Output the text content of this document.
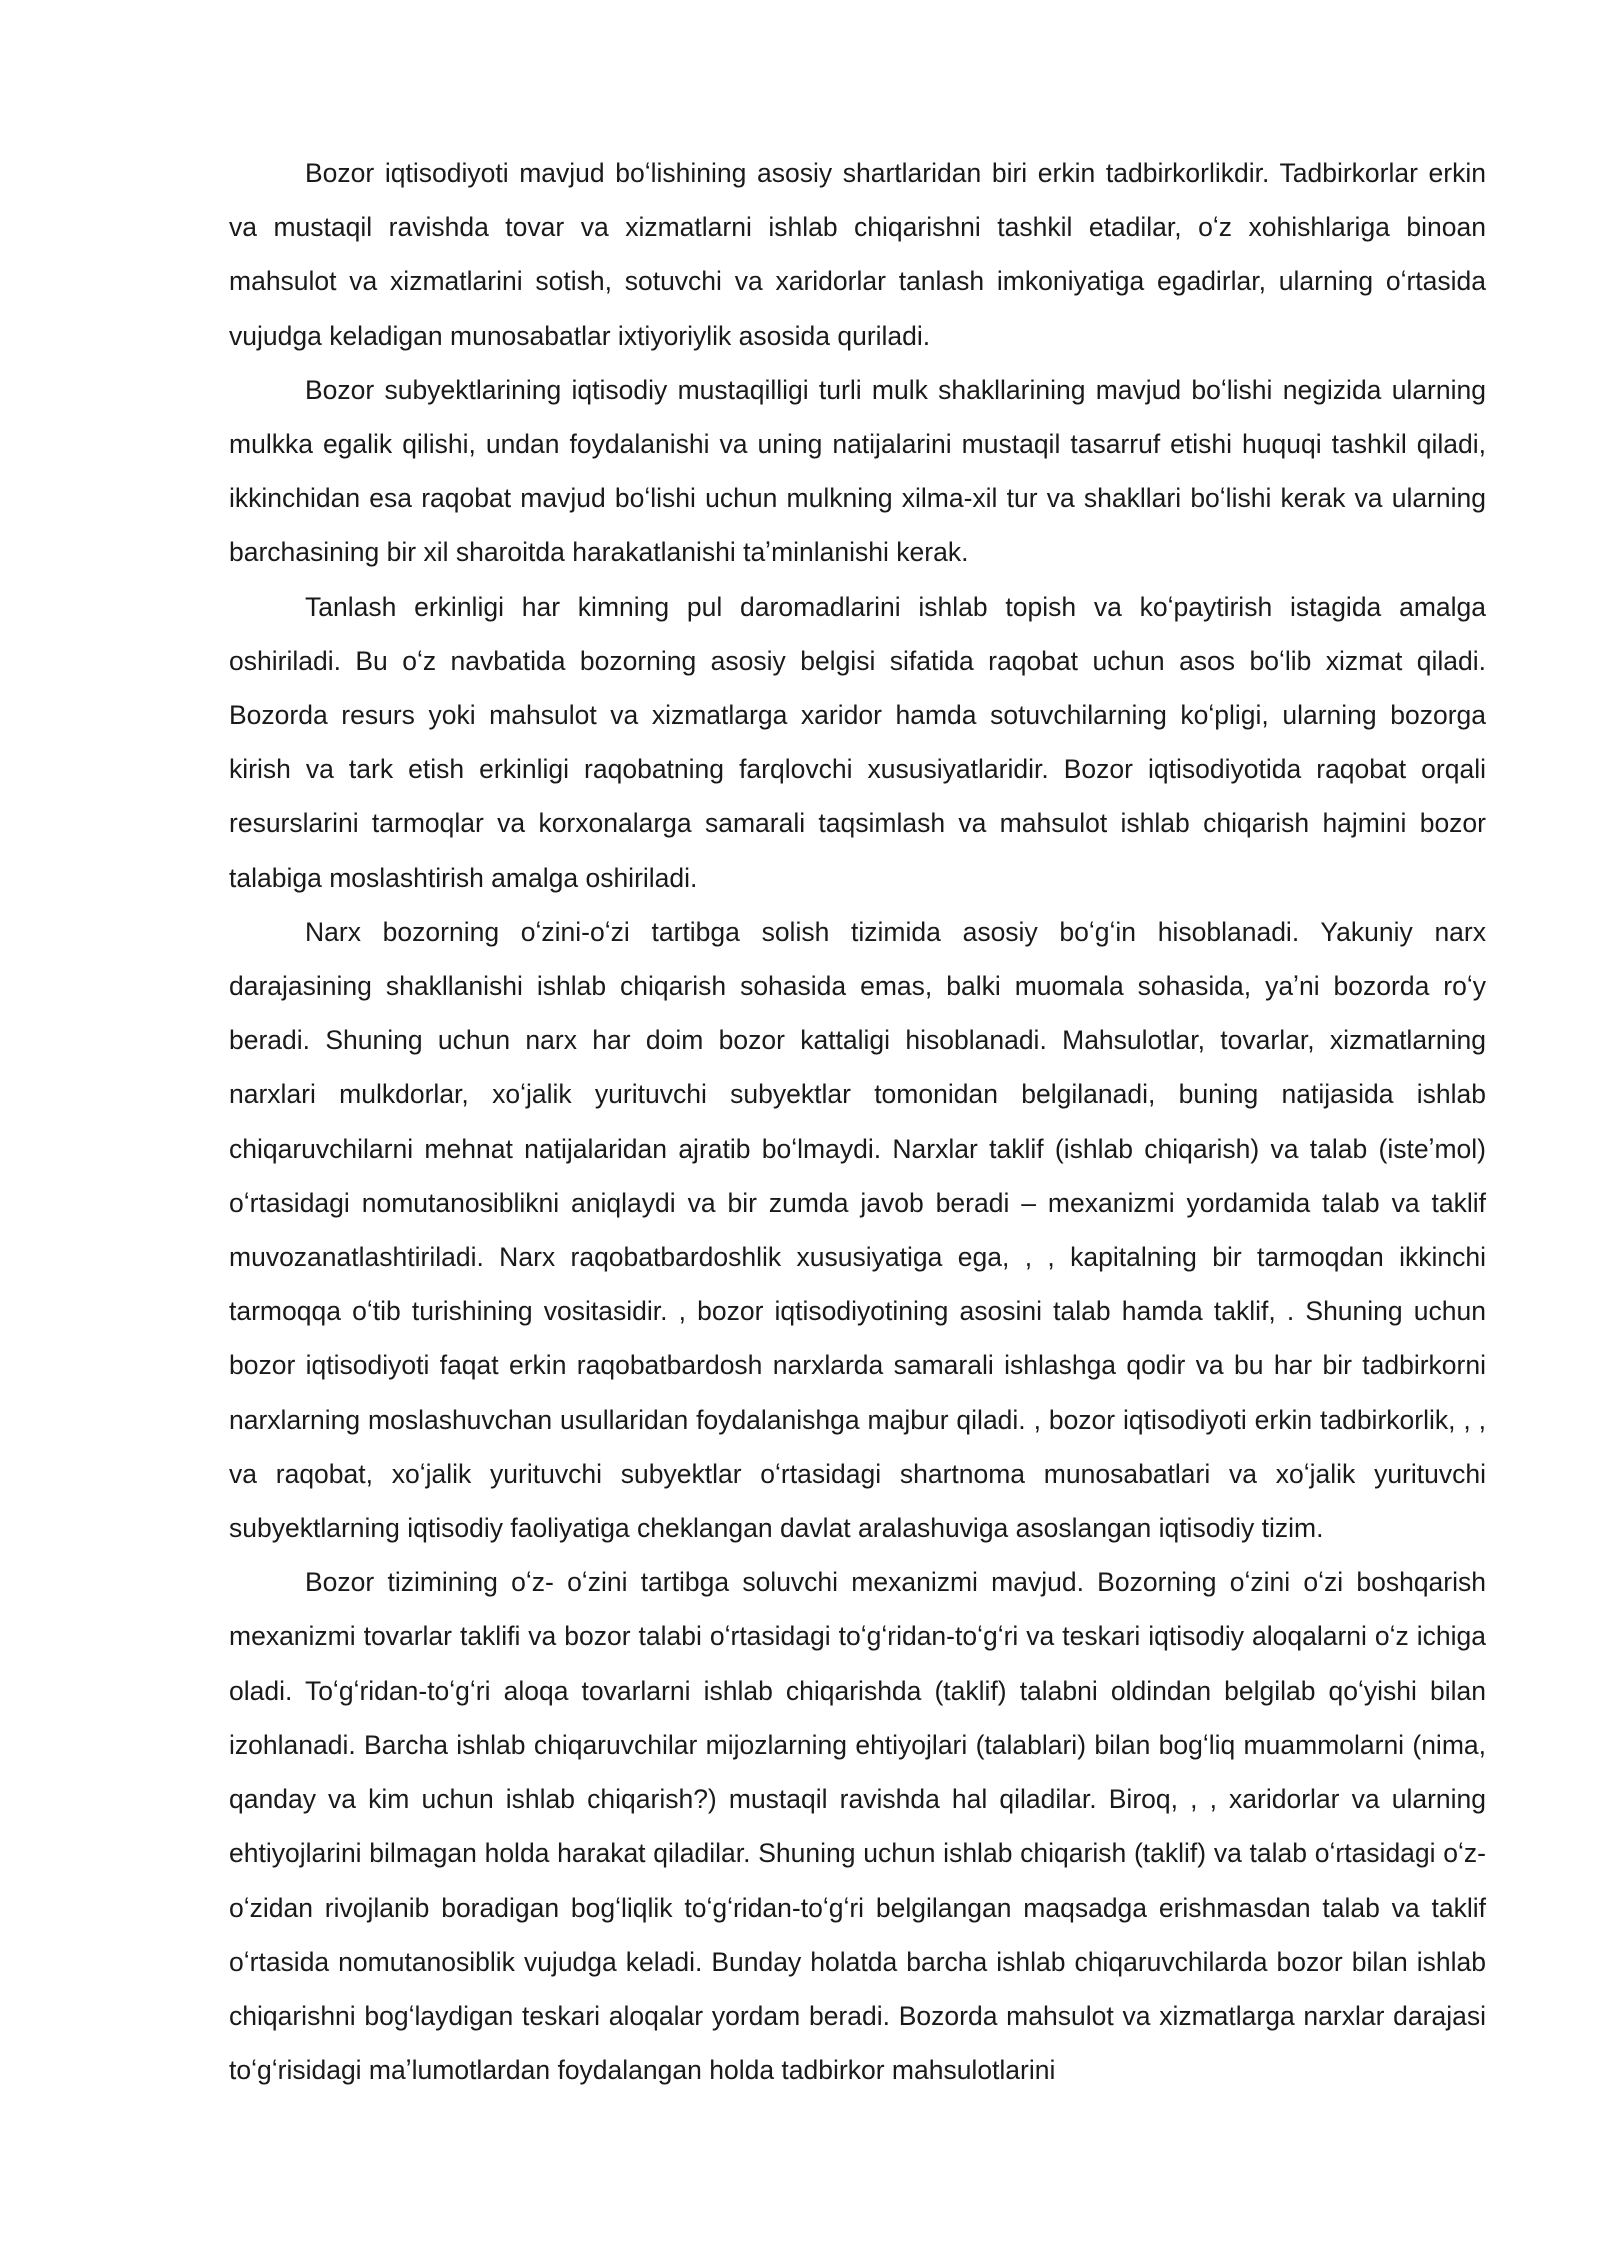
Bozor iqtisodiyoti mavjud boʻlishining asosiy shartlaridan biri erkin tadbirkorlikdir. Tadbirkorlar erkin va mustaqil ravishda tovar va xizmatlarni ishlab chiqarishni tashkil etadilar, oʻz xohishlariga binoan mahsulot va xizmatlarini sotish, sotuvchi va xaridorlar tanlash imkoniyatiga egadirlar, ularning oʻrtasida vujudga keladigan munosabatlar ixtiyoriylik asosida quriladi.

Bozor subyektlarining iqtisodiy mustaqilligi turli mulk shakllarining mavjud boʻlishi negizida ularning mulkka egalik qilishi, undan foydalanishi va uning natijalarini mustaqil tasarruf etishi huquqi tashkil qiladi, ikkinchidan esa raqobat mavjud boʻlishi uchun mulkning xilma-xil tur va shakllari boʻlishi kerak va ularning barchasining bir xil sharoitda harakatlanishi taʼminlanishi kerak.

Tanlash erkinligi har kimning pul daromadlarini ishlab topish va koʻpaytirish istagida amalga oshiriladi. Bu oʻz navbatida bozorning asosiy belgisi sifatida raqobat uchun asos boʻlib xizmat qiladi. Bozorda resurs yoki mahsulot va xizmatlarga xaridor hamda sotuvchilarning koʻpligi, ularning bozorga kirish va tark etish erkinligi raqobatning farqlovchi xususiyatlaridir. Bozor iqtisodiyotida raqobat orqali resurslarini tarmoqlar va korxonalarga samarali taqsimlash va mahsulot ishlab chiqarish hajmini bozor talabiga moslashtirish amalga oshiriladi.

Narx bozorning oʻzini-oʻzi tartibga solish tizimida asosiy boʻgʻin hisoblanadi. Yakuniy narx darajasining shakllanishi ishlab chiqarish sohasida emas, balki muomala sohasida, yaʼni bozorda roʻy beradi. Shuning uchun narx har doim bozor kattaligi hisoblanadi. Mahsulotlar, tovarlar, xizmatlarning narxlari mulkdorlar, xoʻjalik yurituvchi subyektlar tomonidan belgilanadi, buning natijasida ishlab chiqaruvchilarni mehnat natijalaridan ajratib boʻlmaydi. Narxlar taklif (ishlab chiqarish) va talab (isteʼmol) oʻrtasidagi nomutanosiblikni aniqlaydi va bir zumda javob beradi – mexanizmi yordamida talab va taklif muvozanatlashtiriladi. Narx raqobatbardoshlik xususiyatiga ega, , , kapitalning bir tarmoqdan ikkinchi tarmoqqa oʻtib turishining vositasidir. , bozor iqtisodiyotining asosini talab hamda taklif, . Shuning uchun bozor iqtisodiyoti faqat erkin raqobatbardosh narxlarda samarali ishlashga qodir va bu har bir tadbirkorni narxlarning moslashuvchan usullaridan foydalanishga majbur qiladi. , bozor iqtisodiyoti erkin tadbirkorlik, , , va raqobat, xoʻjalik yurituvchi subyektlar oʻrtasidagi shartnoma munosabatlari va xoʻjalik yurituvchi subyektlarning iqtisodiy faoliyatiga cheklangan davlat aralashuviga asoslangan iqtisodiy tizim.

Bozor tizimining oʻz- oʻzini tartibga soluvchi mexanizmi mavjud. Bozorning oʻzini oʻzi boshqarish mexanizmi tovarlar taklifi va bozor talabi oʻrtasidagi toʻgʻridan-toʻgʻri va teskari iqtisodiy aloqalarni oʻz ichiga oladi. Toʻgʻridan-toʻgʻri aloqa tovarlarni ishlab chiqarishda (taklif) talabni oldindan belgilab qoʻyishi bilan izohlanadi. Barcha ishlab chiqaruvchilar mijozlarning ehtiyojlari (talablari) bilan bogʻliq muammolarni (nima, qanday va kim uchun ishlab chiqarish?) mustaqil ravishda hal qiladilar. Biroq, , , xaridorlar va ularning ehtiyojlarini bilmagan holda harakat qiladilar. Shuning uchun ishlab chiqarish (taklif) va talab oʻrtasidagi oʻz-oʻzidan rivojlanib boradigan bogʻliqlik toʻgʻridan-toʻgʻri belgilangan maqsadga erishmasdan talab va taklif oʻrtasida nomutanosiblik vujudga keladi. Bunday holatda barcha ishlab chiqaruvchilarda bozor bilan ishlab chiqarishni bogʻlaydigan teskari aloqalar yordam beradi. Bozorda mahsulot va xizmatlarga narxlar darajasi toʻgʻrisidagi maʼlumotlardan foydalangan holda tadbirkor mahsulotlarini
